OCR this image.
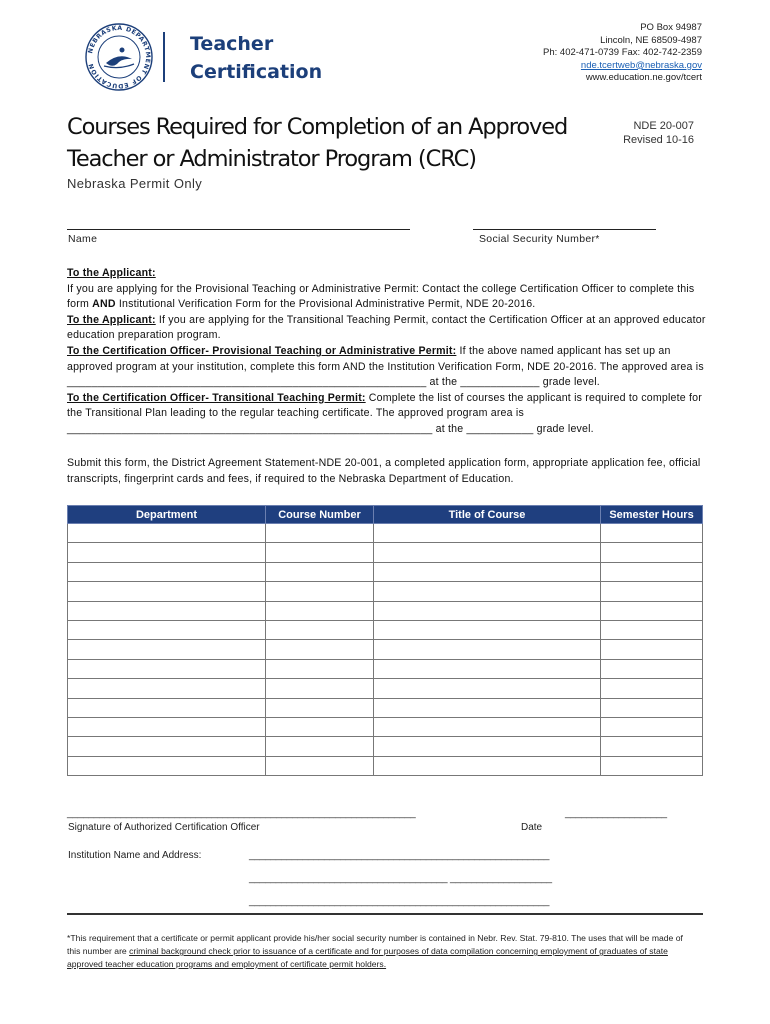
NEBRASKA DEPARTMENT OF EDUCATION
Teacher
Certification
PO Box 94987
Lincoln, NE 68509-4987
Ph: 402-471-0739 Fax: 402-742-2359
nde.tcertweb@nebraska.gov
www.education.ne.gov/tcert
Courses Required for Completion of an Approved
Teacher or Administrator Program (CRC)
NDE 20-007
Revised 10-16
Nebraska Permit Only
Name	Social Security Number*

To the Applicant:
If you are applying for the Provisional Teaching or Administrative Permit: Contact the college Certification Officer to complete this form AND Institutional Verification Form for the Provisional Administrative Permit, NDE 20-2016.

To the Applicant: If you are applying for the Transitional Teaching Permit, contact the Certification Officer at an approved educator education preparation program.

To the Certification Officer- Provisional Teaching or Administrative Permit: If the above named applicant has set up an approved program at your institution, complete this form AND the Institution Verification Form, NDE 20-2016. The approved area is ___________________________________________________________ at the _____________ grade level.

To the Certification Officer- Transitional Teaching Permit: Complete the list of courses the applicant is required to complete for the Transitional Plan leading to the regular teaching certificate. The approved program area is ____________________________________________________________ at the ___________ grade level.

Submit this form, the District Agreement Statement-NDE 20-001, a completed application form, appropriate application fee, official transcripts, fingerprint cards and fees, if required to the Nebraska Department of Education.
Department	Course Number	Title of Course	Semester Hours

_________________________________________________________________
Signature of Authorized Certification Officer
___________________
Date
Institution Name and Address:	________________________________________________________
_____________________________________ ___________________
________________________________________________________
*This requirement that a certificate or permit applicant provide his/her social security number is contained in Nebr. Rev. Stat. 79-810. The uses that will be made of this number are criminal background check prior to issuance of a certificate and for purposes of data compilation concerning employment of graduates of state approved teacher education programs and employment of certificate permit holders.
